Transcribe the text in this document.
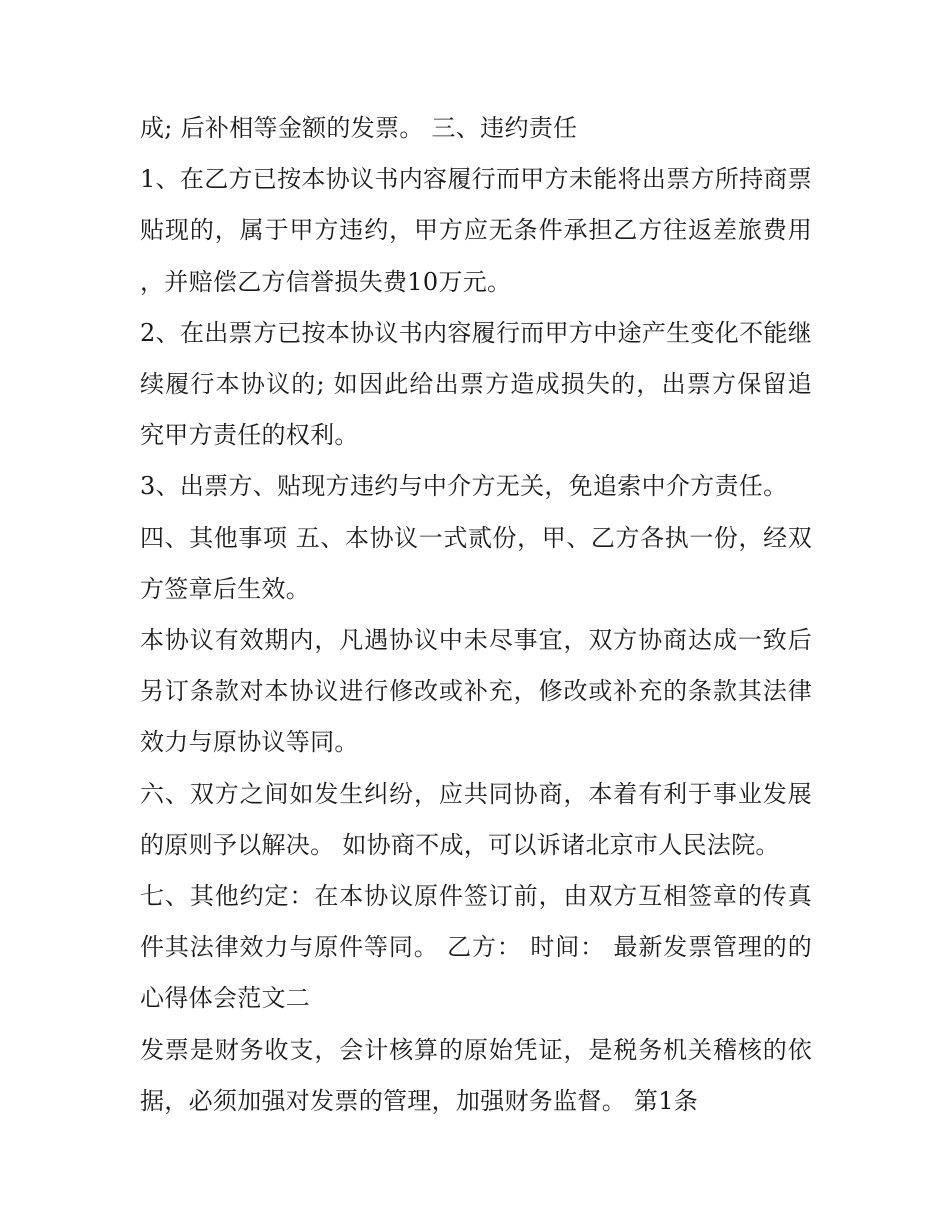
成; 后补相等金额的发票。 三、违约责任

1、在乙方已按本协议书内容履行而甲方未能将出票方所持商票贴现的，属于甲方违约，甲方应无条件承担乙方往返差旅费用，并赔偿乙方信誉损失费10万元。

2、在出票方已按本协议书内容履行而甲方中途产生变化不能继续履行本协议的; 如因此给出票方造成损失的，出票方保留追究甲方责任的权利。

3、出票方、贴现方违约与中介方无关，免追索中介方责任。

四、其他事项 五、本协议一式贰份，甲、乙方各执一份，经双方签章后生效。

本协议有效期内，凡遇协议中未尽事宜，双方协商达成一致后另订条款对本协议进行修改或补充，修改或补充的条款其法律效力与原协议等同。

六、双方之间如发生纠纷，应共同协商，本着有利于事业发展的原则予以解决。 如协商不成，可以诉诸北京市人民法院。

七、其他约定：在本协议原件签订前，由双方互相签章的传真件其法律效力与原件等同。 乙方： 时间： 最新发票管理的的心得体会范文二

发票是财务收支，会计核算的原始凭证，是税务机关稽核的依据，必须加强对发票的管理，加强财务监督。 第1条
